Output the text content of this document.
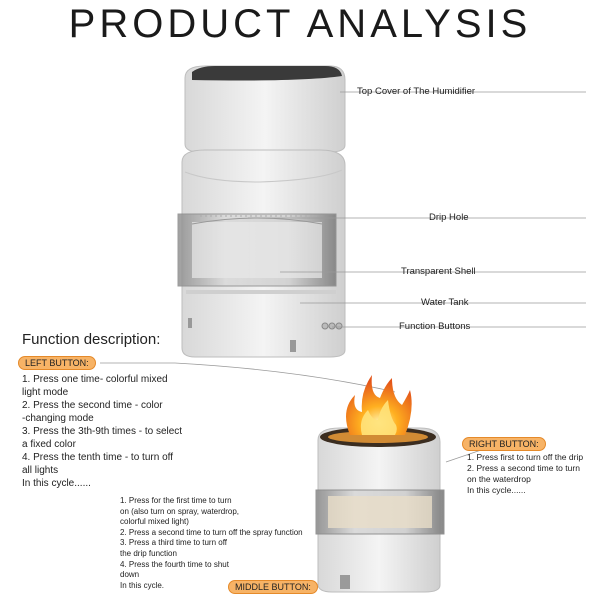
PRODUCT ANALYSIS
Top Cover of The Humidifier
Drip Hole
Transparent Shell
Water Tank
Function Buttons
Function description:
LEFT BUTTON:
1. Press one time- colorful mixed
light mode
2. Press the second time - color
-changing mode
3. Press the 3th-9th times - to select
a fixed color
4. Press the tenth time - to turn off
all lights
In this cycle......
1. Press for the first time to turn
on (also turn on spray, waterdrop,
colorful mixed light)
2. Press a second time to turn off the spray function
3. Press a third time to turn off
the drip function
4. Press the fourth time to shut
down
In this cycle.	MIDDLE BUTTON:
RIGHT BUTTON:
1. Press first to turn off the drip
2. Press a second time to turn
on the waterdrop
In this cycle......
